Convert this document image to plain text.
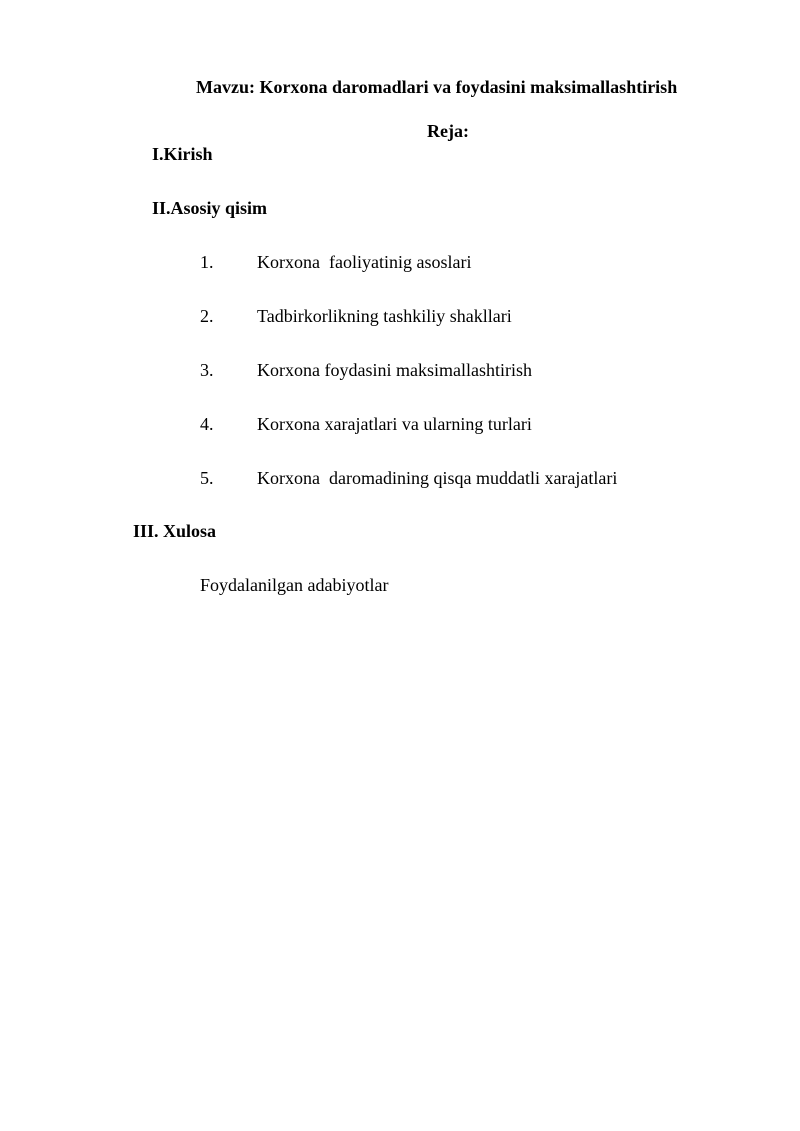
Mavzu: Korxona daromadlari va foydasini maksimallashtirish
Reja:
I.Kirish
II.Asosiy qisim
1.	Korxona  faoliyatinig asoslari
2.	Tadbirkorlikning tashkiliy shakllari
3.	Korxona foydasini maksimallashtirish
4.	Korxona xarajatlari va ularning turlari
5.	Korxona  daromadining qisqa muddatli xarajatlari
III. Xulosa
Foydalanilgan adabiyotlar
